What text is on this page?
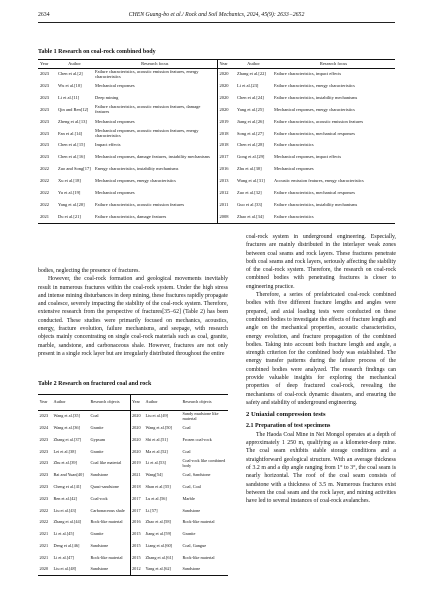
2634	CHEN Guang-bo et al./ Rock and Soil Mechanics, 2024, 45(9): 2633−2652
Table 1 Research on coal-rock combined body
Year	Author	Research focus	Year	Author	Research focus
2023	Chen et al.[2]	Failure characteristics, acoustic emission features, energy characteristics	2020	Zhang et al.[22]	Failure characteristics, impact effects
2023	Wu et al.[10]	Mechanical responses	2020	Li et al.[23]	Failure characteristics, energy characteristics
2023	Li et al.[11]	Deep mining	2020	Chen et al.[24]	Failure characteristics, instability mechanisms
2023	Qin and Ren[12]	Failure characteristics, acoustic emission features, damage features	2020	Yang et al.[25]	Mechanical responses, energy characteristics
2023	Zheng et al.[13]	Mechanical responses	2019	Jiang et al.[26]	Failure characteristics, acoustic emission features
2023	Fan et al.[14]	Mechanical responses, acoustic emission features, energy characteristics	2018	Song et al.[27]	Failure characteristics, mechanical responses
2023	Chen et al.[15]	Impact effects	2018	Chen et al.[28]	Failure characteristics
2023	Chen et al.[16]	Mechanical responses, damage features, instability mechanisms	2017	Gong et al.[29]	Mechanical responses, impact effects
2022	Zuo and Song[17]	Energy characteristics, instability mechanisms	2016	Zhu et al.[30]	Mechanical responses
2022	Xu et al.[18]	Mechanical responses, energy characteristics	2013	Wang et al.[31]	Acoustic emission features, energy characteristics
2022	Yu et al.[19]	Mechanical responses	2012	Zuo et al.[32]	Failure characteristics, mechanical responses
2022	Yang et al.[20]	Failure characteristics, acoustic emission features	2011	Guo et al.[33]	Failure characteristics, instability mechanisms
2021	Du et al.[21]	Failure characteristics, damage features	2008	Zhao et al.[34]	Failure characteristics

bodies, neglecting the presence of fractures.

However, the coal-rock formation and geological movements inevitably result in numerous fractures within the coal-rock system. Under the high stress and intense mining disturbances in deep mining, these fractures rapidly propagate and coalesce, severely impacting the stability of the coal-rock system. Therefore, extensive research from the perspective of fractures[35−62] (Table 2) has been conducted. These studies were primarily focused on mechanics, acoustics, energy, fracture evolution, failure mechanisms, and seepage, with research objects mainly concentrating on single coal-rock materials such as coal, granite, marble, sandstone, and carbonaceous shale. However, fractures are not only present in a single rock layer but are irregularly distributed throughout the entire

Table 2 Research on fractured coal and rock
Year	Author	Research objects	Year	Author	Research objects
2023	Wang et al.[35]	Coal	2020	Liu et al.[49]	Sandy mudstone like material
2024	Wang et al.[36]	Granite	2020	Wang et al.[50]	Coal
2023	Zhang et al.[37]	Gypsum	2020	Shi et al.[51]	Frozen coal-rock
2023	Lei et al.[38]	Granite	2020	Ma et al.[52]	Coal
2023	Zhu et al.[39]	Coal like material	2019	Li et al.[53]	Coal-rock like combined body
2023	Bai and Yuan[40]	Sandstone	2021	Wang[54]	Coal, Sandstone
2023	Cheng et al.[41]	Quasi-sandstone	2018	Shan et al.[55]	Coal, Coal
2023	Ren et al.[42]	Coal-rock	2017	Lu et al.[56]	Marble
2022	Liu et al.[43]	Carbonaceous shale	2017	Li.[57]	Sandstone
2022	Zhang et al.[44]	Rock-like material	2016	Zhao et al.[58]	Rock-like material
2021	Li et al.[45]	Granite	2015	Jiang et al.[59]	Granite
2021	Deng et al.[46]	Sandstone	2015	Liang et al.[60]	Coal, Gangue
2021	Li et al.[47]	Rock-like material	2015	Zhang et al.[61]	Rock-like material
2020	Liu et al.[48]	Sandstone	2012	Yang et al.[62]	Sandstone

coal-rock system in underground engineering. Especially, fractures are mainly distributed in the interlayer weak zones between coal seams and rock layers. These fractures penetrate both coal seams and rock layers, seriously affecting the stability of the coal-rock system. Therefore, the research on coal-rock combined bodies with penetrating fractures is closer to engineering practice.

Therefore, a series of prefabricated coal-rock combined bodies with five different fracture lengths and angles were prepared, and axial loading tests were conducted on these combined bodies to investigate the effects of fracture length and angle on the mechanical properties, acoustic characteristics, energy evolution, and fracture propagation of the combined bodies. Taking into account both fracture length and angle, a strength criterion for the combined body was established. The energy transfer patterns during the failure process of the combined bodies were analyzed. The research findings can provide valuable insights for exploring the mechanical properties of deep fractured coal-rock, revealing the mechanisms of coal-rock dynamic disasters, and ensuring the safety and stability of underground engineering.

2 Uniaxial compression tests
2.1 Preparation of test specimens

The Haoda Coal Mine in Nei Mongol operates at a depth of approximately 1 250 m, qualifying as a kilometer-deep mine. The coal seam exhibits stable storage conditions and a straightforward geological structure. With an average thickness of 3.2 m and a dip angle ranging from 1° to 3°, the coal seam is nearly horizontal. The roof of the coal seam consists of sandstone with a thickness of 3.5 m. Numerous fractures exist between the coal seam and the rock layer, and mining activities have led to several instances of coal-rock avalanches.
